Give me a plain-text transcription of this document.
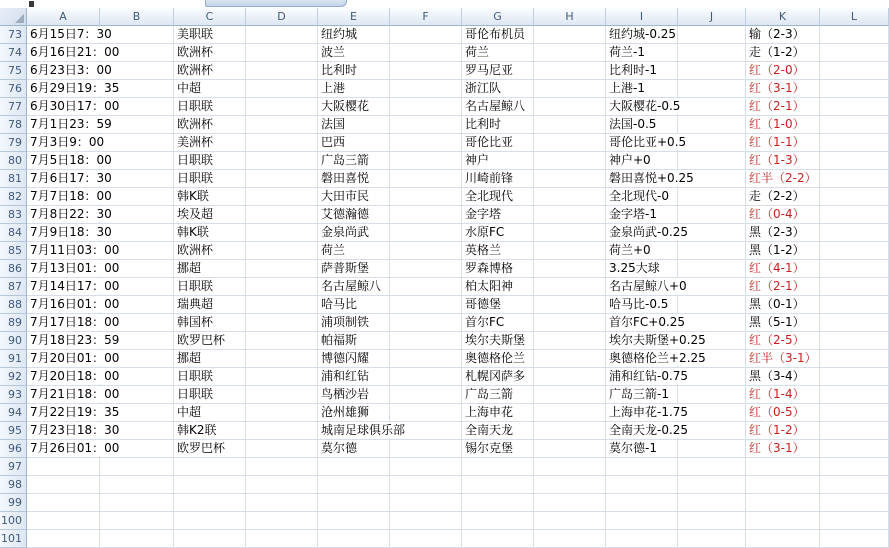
A	B	C	D	E	F	G	H	I	J	K	L
73 6月15日7：30	美职联	纽约城	哥伦布机员	纽约城-0.25	输（2-3）
74 6月16日21：00	欧洲杯	波兰	荷兰	荷兰-1	走（1-2）
75 6月23日3：00	欧洲杯	比利时	罗马尼亚	比利时-1	红（2-0）
76 6月29日19：35	中超	上港	浙江队	上港-1	红（3-1）
77 6月30日17：00	日职联	大阪樱花	名古屋鲸八	大阪樱花-0.5	红（2-1）
78 7月1日23：59	欧洲杯	法国	比利时	法国-0.5	红（1-0）
79 7月3日9：00	美洲杯	巴西	哥伦比亚	哥伦比亚+0.5	红（1-1）
80 7月5日18：00	日职联	广岛三箭	神户	神户+0	红（1-3）
81 7月6日17：30	日职联	磐田喜悦	川崎前锋	磐田喜悦+0.25	红半（2-2）
82 7月7日18：00	韩K联	大田市民	全北现代	全北现代-0	走（2-2）
83 7月8日22：30	埃及超	艾德瀚德	金字塔	金字塔-1	红（0-4）
84 7月9日18：30	韩K联	金泉尚武	水原FC	金泉尚武-0.25	黑（2-3）
85 7月11日03：00	欧洲杯	荷兰	英格兰	荷兰+0	黑（1-2）
86 7月13日01：00	挪超	萨普斯堡	罗森博格	3.25大球	红（4-1）
87 7月14日17：00	日职联	名古屋鲸八	柏太阳神	名古屋鲸八+0	红（2-1）
88 7月16日01：00	瑞典超	哈马比	哥德堡	哈马比-0.5	黑（0-1）
89 7月17日18：00	韩国杯	浦项制铁	首尔FC	首尔FC+0.25	黑（5-1）
90 7月18日23：59	欧罗巴杯	帕福斯	埃尔夫斯堡	埃尔夫斯堡+0.25	红（2-5）
91 7月20日01：00	挪超	博德闪耀	奥德格伦兰	奥德格伦兰+2.25	红半（3-1）
92 7月20日18：00	日职联	浦和红钻	札幌冈萨多	浦和红钻-0.75	黑（3-4）
93 7月21日18：00	日职联	鸟栖沙岩	广岛三箭	广岛三箭-1	红（1-4）
94 7月22日19：35	中超	沧州雄狮	上海申花	上海申花-1.75	红（0-5）
95 7月23日18：30	韩K2联	城南足球俱乐部	全南天龙	全南天龙-0.25	红（1-2）
96 7月26日01：00	欧罗巴杯	莫尔德	锡尔克堡	莫尔德-1	红（3-1）
97
98
99
100
101
